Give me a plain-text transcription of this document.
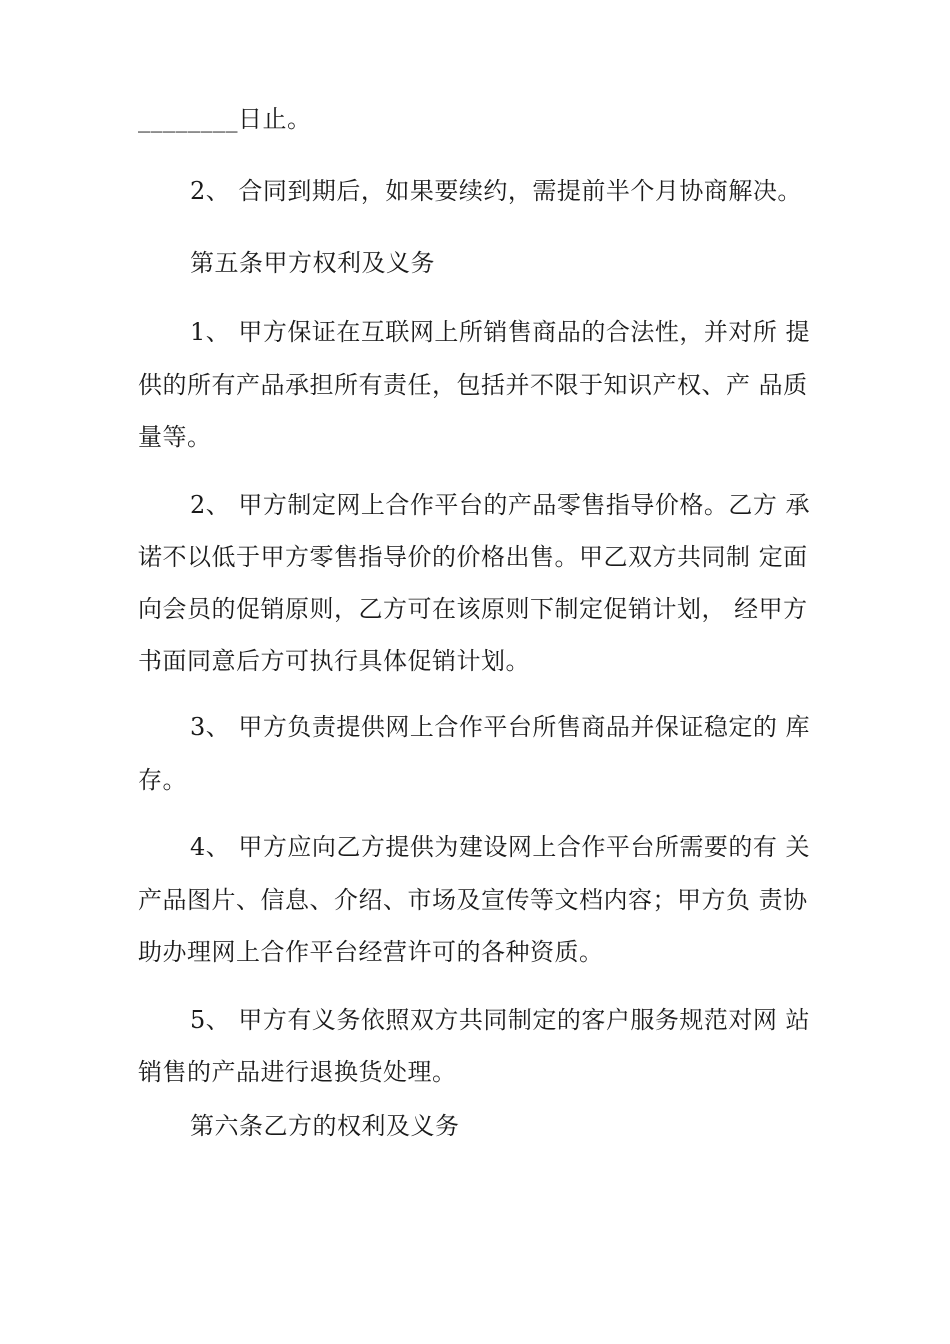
________日止。
2、 合同到期后，如果要续约，需提前半个月协商解决。
第五条甲方权利及义务
1、 甲方保证在互联网上所销售商品的合法性，并对所 提
供的所有产品承担所有责任，包括并不限于知识产权、产 品质
量等。
2、 甲方制定网上合作平台的产品零售指导价格。乙方 承
诺不以低于甲方零售指导价的价格出售。甲乙双方共同制 定面
向会员的促销原则，乙方可在该原则下制定促销计划， 经甲方
书面同意后方可执行具体促销计划。
3、 甲方负责提供网上合作平台所售商品并保证稳定的 库
存。
4、 甲方应向乙方提供为建设网上合作平台所需要的有 关
产品图片、信息、介绍、市场及宣传等文档内容；甲方负 责协
助办理网上合作平台经营许可的各种资质。
5、 甲方有义务依照双方共同制定的客户服务规范对网 站
销售的产品进行退换货处理。
第六条乙方的权利及义务
